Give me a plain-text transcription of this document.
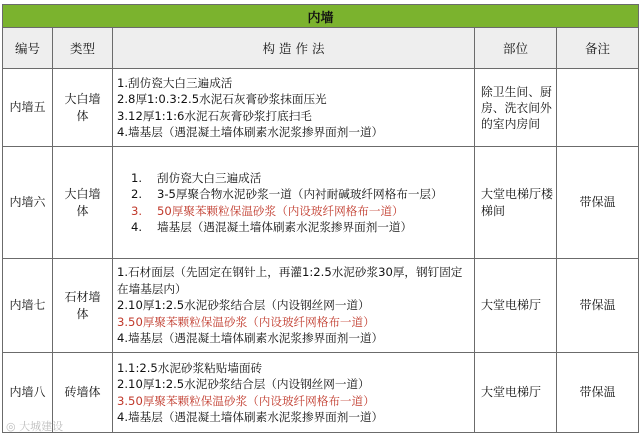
内墙				
编号	类型	构 造 作 法	部位	备注
内墙五	大白墙体	1.刮仿瓷大白三遍成活
2.8厚1:0.3:2.5水泥石灰膏砂浆抹面压光
3.12厚1:1:6水泥石灰膏砂浆打底扫毛
4.墙基层（遇混凝土墙体刷素水泥浆掺界面剂一道）	除卫生间、厨房、洗衣间外的室内房间	
内墙六	大白墙体	1. 刮仿瓷大白三遍成活
2. 3-5厚聚合物水泥砂浆一道（内衬耐碱玻纤网格布一层）
3. 50厚聚苯颗粒保温砂浆（内设玻纤网格布一道）
4. 墙基层（遇混凝土墙体刷素水泥浆掺界面剂一道）	大堂电梯厅楼梯间	带保温
内墙七	石材墙体	1.石材面层（先固定在钢针上，再灌1:2.5水泥砂浆30厚，钢钉固定在墙基层内）
2.10厚1:2.5水泥砂浆结合层（内设钢丝网一道）
3.50厚聚苯颗粒保温砂浆（内设玻纤网格布一道）
4.墙基层（遇混凝土墙体刷素水泥浆掺界面剂一道）	大堂电梯厅	带保温
内墙八	砖墙体	1.1:2.5水泥砂浆粘贴墙面砖
2.10厚1:2.5水泥砂浆结合层（内设钢丝网一道）
3.50厚聚苯颗粒保温砂浆（内设玻纤网格布一道）
4.墙基层（遇混凝土墙体刷素水泥浆掺界面剂一道）	大堂电梯厅	带保温
◎ 大城建设
